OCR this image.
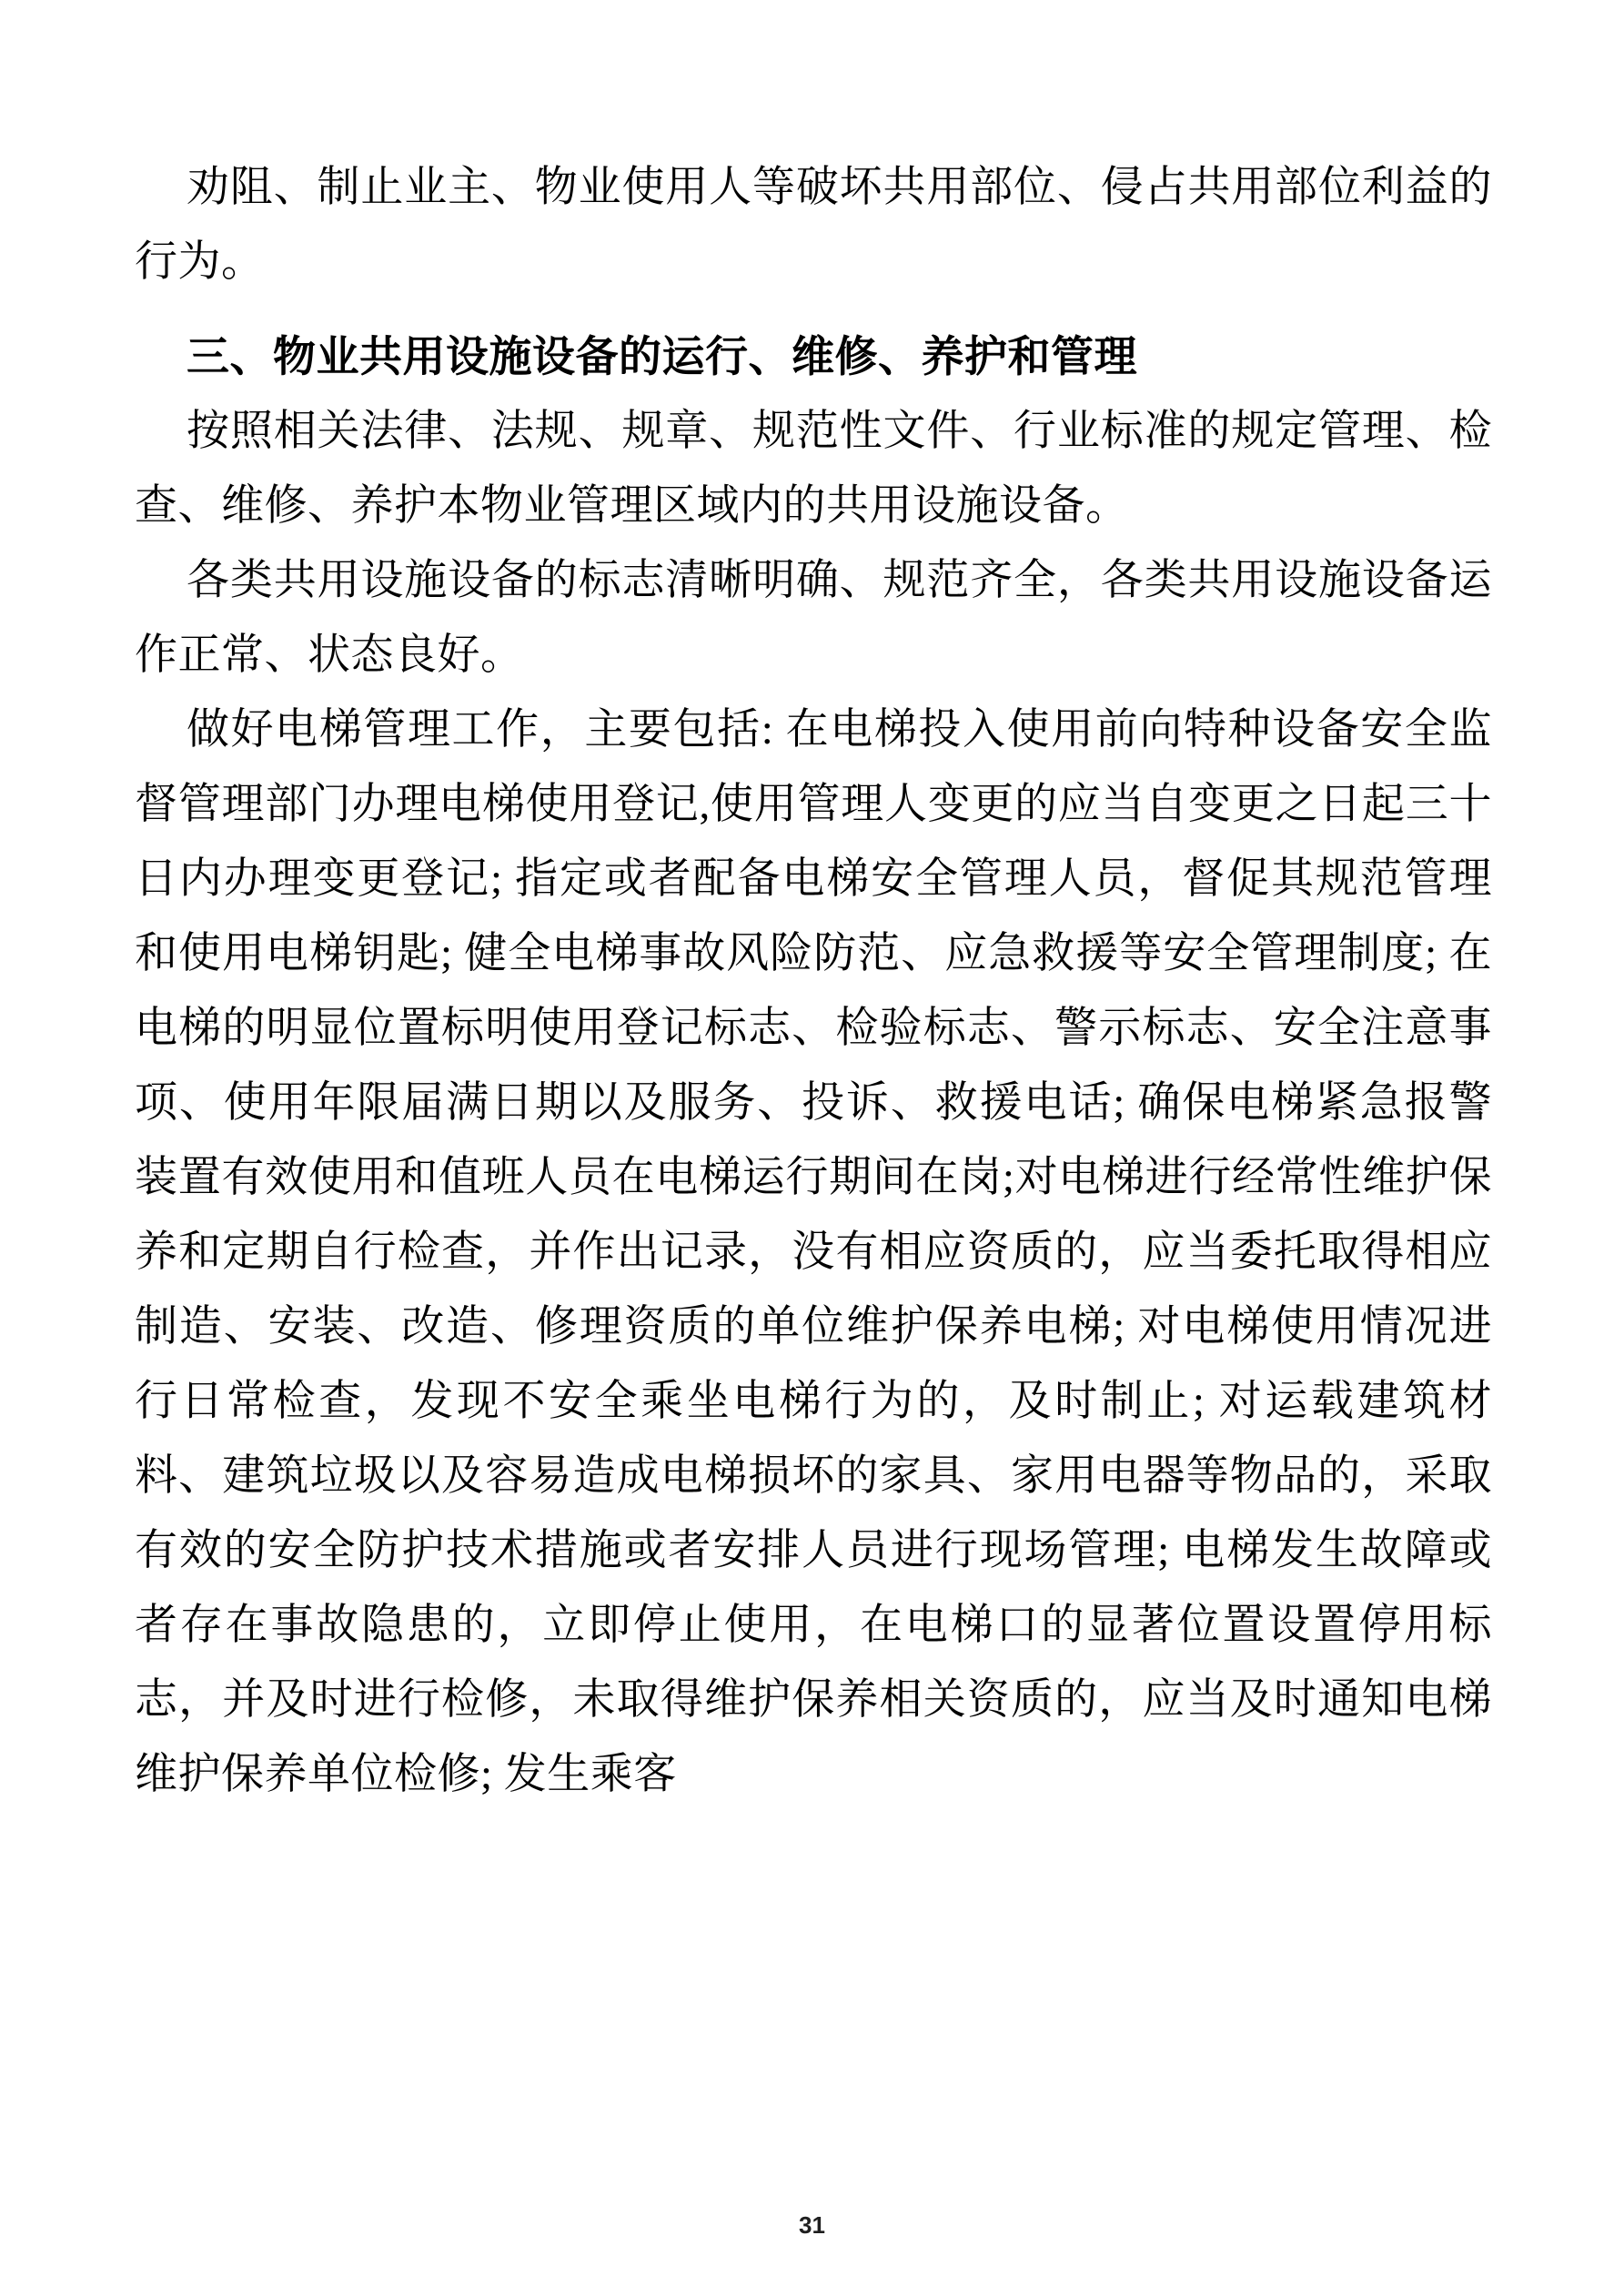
劝阻、制止业主、物业使用人等破坏共用部位、侵占共用部位利益的行为。

三、物业共用设施设备的运行、维修、养护和管理

按照相关法律、法规、规章、规范性文件、行业标准的规定管理、检查、维修、养护本物业管理区域内的共用设施设备。

各类共用设施设备的标志清晰明确、规范齐全，各类共用设施设备运作正常、状态良好。

做好电梯管理工作，主要包括: 在电梯投入使用前向特种设备安全监督管理部门办理电梯使用登记,使用管理人变更的应当自变更之日起三十日内办理变更登记; 指定或者配备电梯安全管理人员，督促其规范管理和使用电梯钥匙; 健全电梯事故风险防范、应急救援等安全管理制度; 在电梯的明显位置标明使用登记标志、检验标志、警示标志、安全注意事项、使用年限届满日期以及服务、投诉、救援电话; 确保电梯紧急报警装置有效使用和值班人员在电梯运行期间在岗;对电梯进行经常性维护保养和定期自行检查，并作出记录，没有相应资质的，应当委托取得相应制造、安装、改造、修理资质的单位维护保养电梯; 对电梯使用情况进行日常检查，发现不安全乘坐电梯行为的，及时制止; 对运载建筑材料、建筑垃圾以及容易造成电梯损坏的家具、家用电器等物品的，采取有效的安全防护技术措施或者安排人员进行现场管理; 电梯发生故障或者存在事故隐患的，立即停止使用，在电梯口的显著位置设置停用标志，并及时进行检修，未取得维护保养相关资质的，应当及时通知电梯维护保养单位检修; 发生乘客

31
